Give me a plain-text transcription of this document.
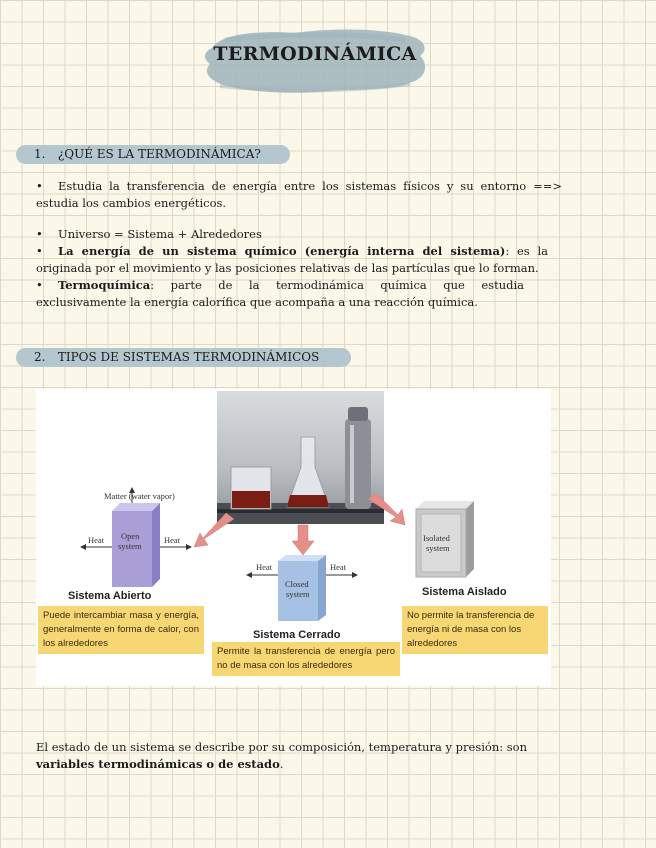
TERMODINÁMICA
1. ¿QUÉ ES LA TERMODINÁMICA?
• Estudia la transferencia de energía entre los sistemas físicos y su entorno ==> estudia los cambios energéticos.
• Universo = Sistema + Alrededores
• La energía de un sistema químico (energía interna del sistema): es la originada por el movimiento y las posiciones relativas de las partículas que lo forman.
• Termoquímica: parte de la termodinámica química que estudia exclusivamente la energía calorífica que acompaña a una reacción química.
2. TIPOS DE SISTEMAS TERMODINÁMICOS
Matter (water vapor)
Heat	Heat
Open
system
Heat	Heat
Closed
system
Isolated
system
Sistema Abierto
Sistema Cerrado
Sistema Aislado
Puede intercambiar masa y energía, generalmente en forma de calor, con los alrededores
Permite la transferencia de energía pero no de masa con los alrededores
No permite la transferencia de energía ni de masa con los alrededores
El estado de un sistema se describe por su composición, temperatura y presión: son
variables termodinámicas o de estado.
